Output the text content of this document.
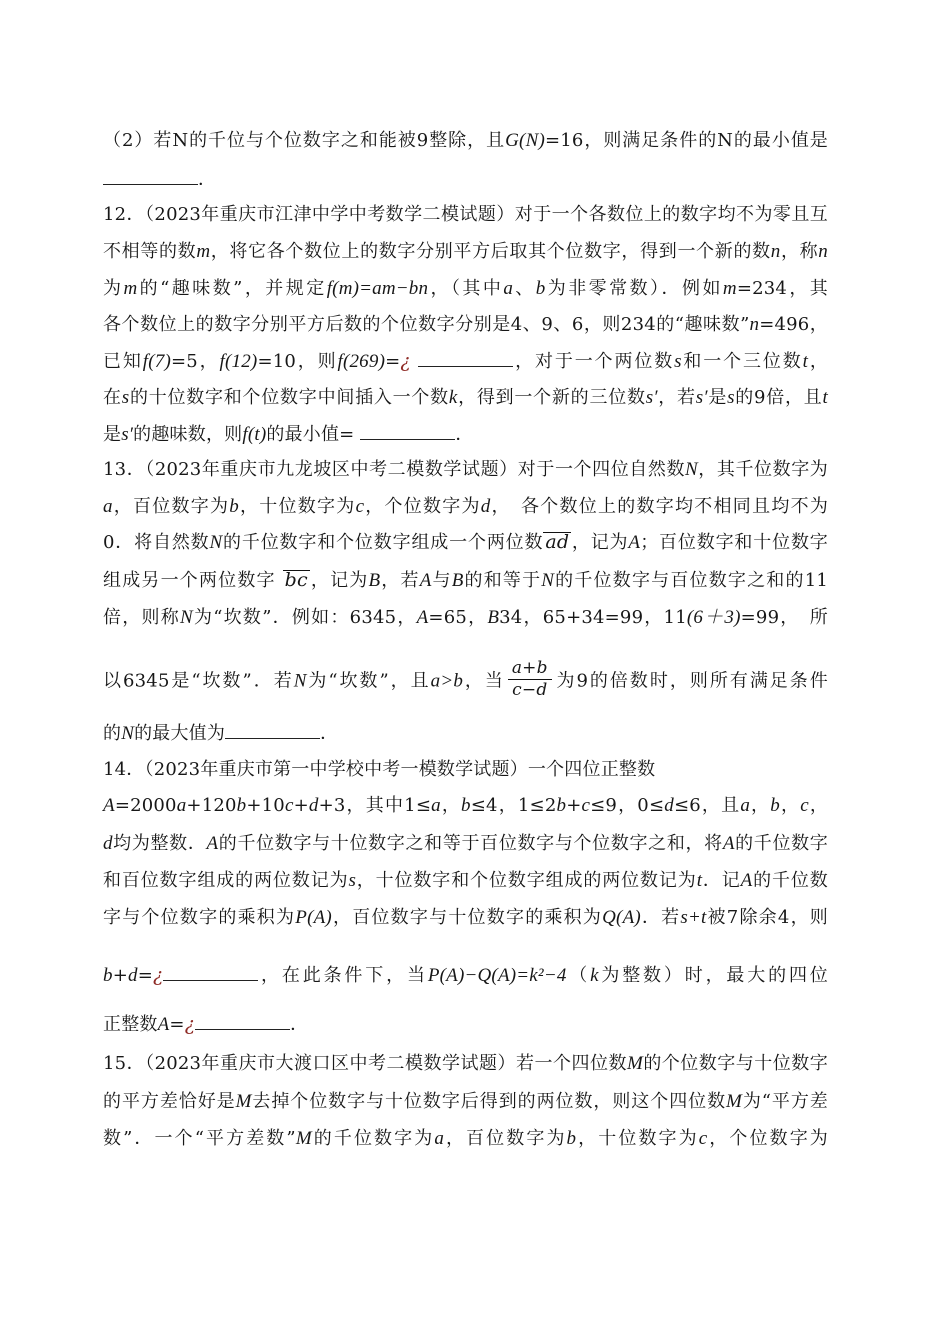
（2）若N的千位与个位数字之和能被9整除，且G(N)=16，则满足条件的N的最小值是
．
12．（2023年重庆市江津中学中考数学二模试题）对于一个各数位上的数字均不为零且互
不相等的数m，将它各个数位上的数字分别平方后取其个位数字，得到一个新的数n，称n
为m的“趣味数”，并规定f(m)=am−bn，（其中a、b为非零常数）．例如m=234，其
各个数位上的数字分别平方后数的个位数字分别是4、9、6，则234的“趣味数”n=496，
已知f(7)=5，f(12)=10，则f(269)=¿	，对于一个两位数s和一个三位数t，
在s的十位数字和个位数字中间插入一个数k，得到一个新的三位数s′，若s′是s的9倍，且t
是s′的趣味数，则f(t)的最小值=	．
13．（2023年重庆市九龙坡区中考二模数学试题）对于一个四位自然数N，其千位数字为
a，百位数字为b，十位数字为c，个位数字为d，　各个数位上的数字均不相同且均不为
0．将自然数N的千位数字和个位数字组成一个两位数 ad ，记为A；百位数字和十位数字
组成另一个两位数字 bc ，记为B，若A与B的和等于N的千位数字与百位数字之和的11
倍，则称N为“坎数”．例如：6345，A=65，B34，65+34=99，11(6＋3)=99，　所
以6345是“坎数”．若N为“坎数”，且a>b，当 $\frac{a+b}{c-d}$ 为9的倍数时，则所有满足条件
的N的最大值为	．
14．（2023年重庆市第一中学校中考一模数学试题）一个四位正整数
A=2000a+120b+10c+d+3，其中1≤a，b≤4，1≤2b+c≤9，0≤d≤6，且a，b，c，
d均为整数．A的千位数字与十位数字之和等于百位数字与个位数字之和，将A的千位数字
和百位数字组成的两位数记为s，十位数字和个位数字组成的两位数记为t．记A的千位数
字与个位数字的乘积为P(A)，百位数字与十位数字的乘积为Q(A)．若s+t被7除余4，则
b+d=¿	，在此条件下，当P(A)−Q(A)=k²−4（k为整数）时，最大的四位
正整数A=¿	．
15．（2023年重庆市大渡口区中考二模数学试题）若一个四位数M的个位数字与十位数字
的平方差恰好是M去掉个位数字与十位数字后得到的两位数，则这个四位数M为“平方差
数”．一个“平方差数”M的千位数字为a，百位数字为b，十位数字为c，个位数字为
